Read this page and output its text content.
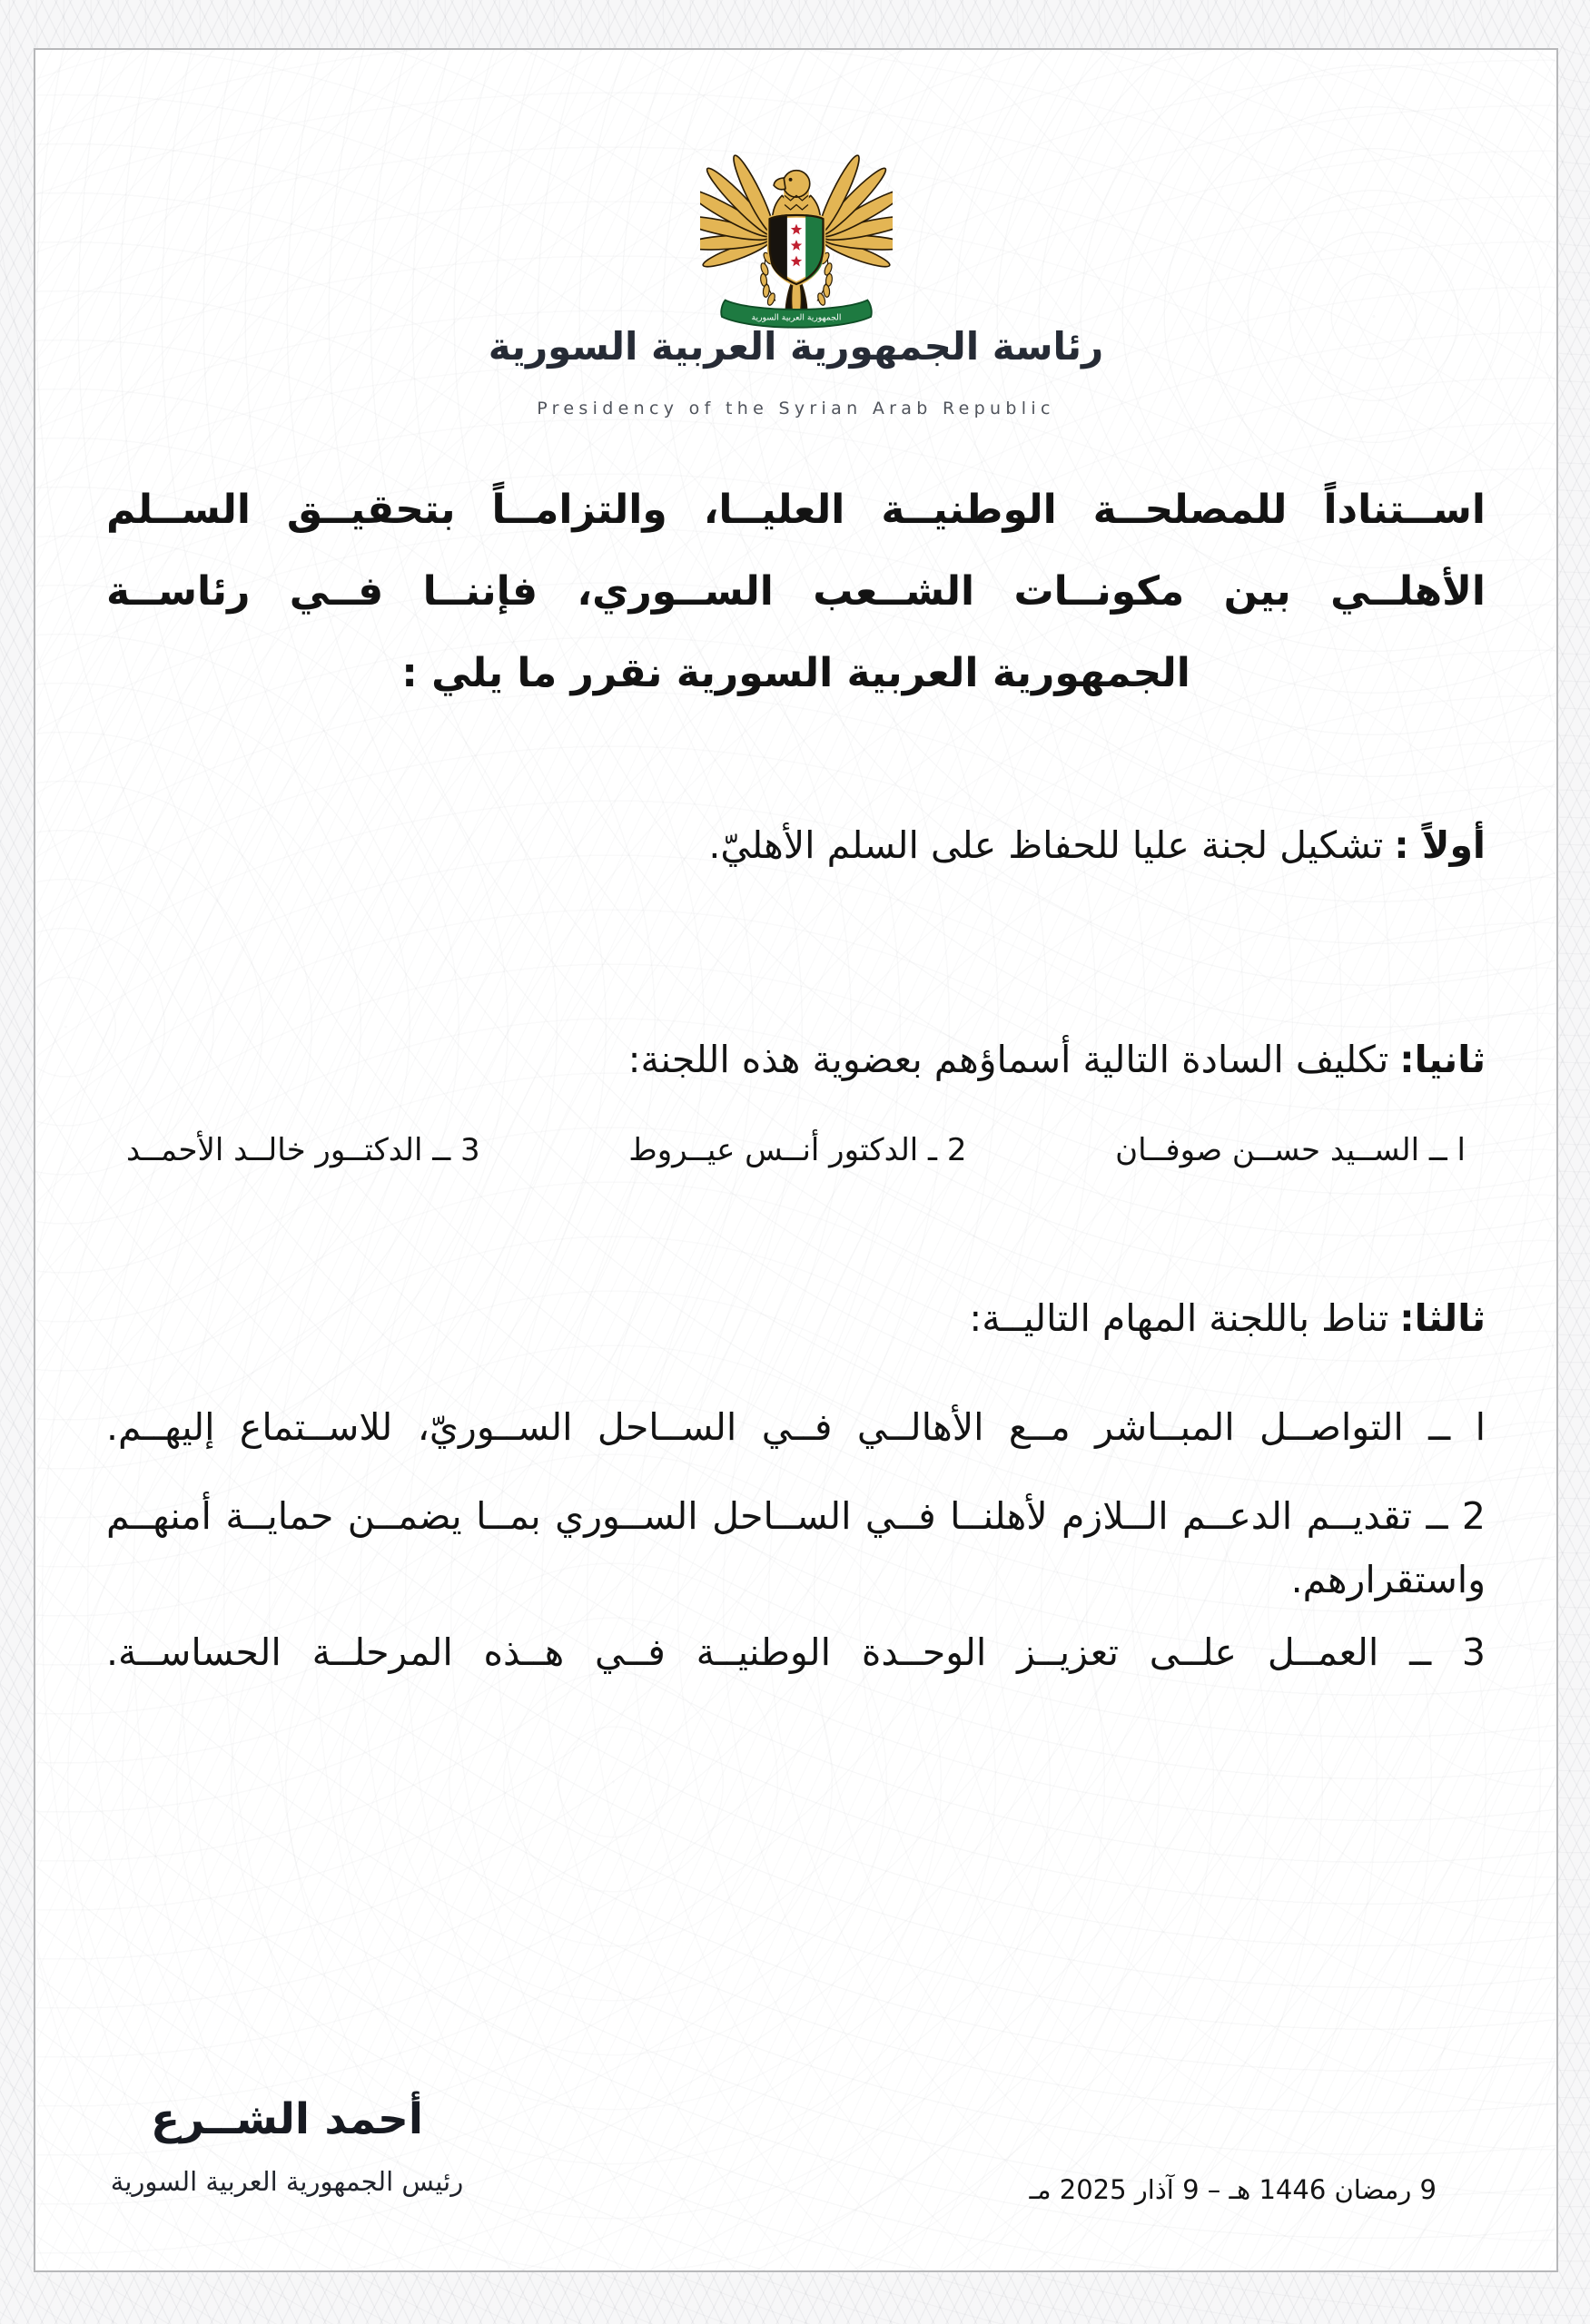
الجمهورية العربية السورية
رئاسة الجمهورية العربية السورية
Presidency of the Syrian Arab Republic
اســتناداً للمصلحــة الوطنيــة العليــا، والتزامــاً بتحقيــق الســلم
الأهلــي بين مكونــات الشــعب الســوري، فإننــا فــي رئاســة
الجمهورية العربية السورية نقرر ما يلي :
أولاً :تشكيل لجنة عليا للحفاظ على السلم الأهليّ.
ثانيا:تكليف السادة التالية أسماؤهم بعضوية هذه اللجنة:
ا ــ الســيد حســن صوفــان
2 ـ الدكتور أنــس عيــروط
3 ــ الدكتــور خالــد الأحمــد
ثالثا:تناط باللجنة المهام التاليــة:
ا ــ التواصــل المبــاشر مــع الأهالــي فــي الســاحل الســوريّ، للاســتماع إليهــم.
2 ــ تقديــم الدعــم الــلازم لأهلنــا فــي الســاحل الســوري بمــا يضمــن حمايــة أمنهــم واستقرارهم.
3 ــ العمــل علــى تعزيــز الوحــدة الوطنيــة فــي هــذه المرحلــة الحساســة.
أحمد الشــرع
رئيس الجمهورية العربية السورية	9 رمضان 1446 هـ – 9 آذار 2025 مـ
